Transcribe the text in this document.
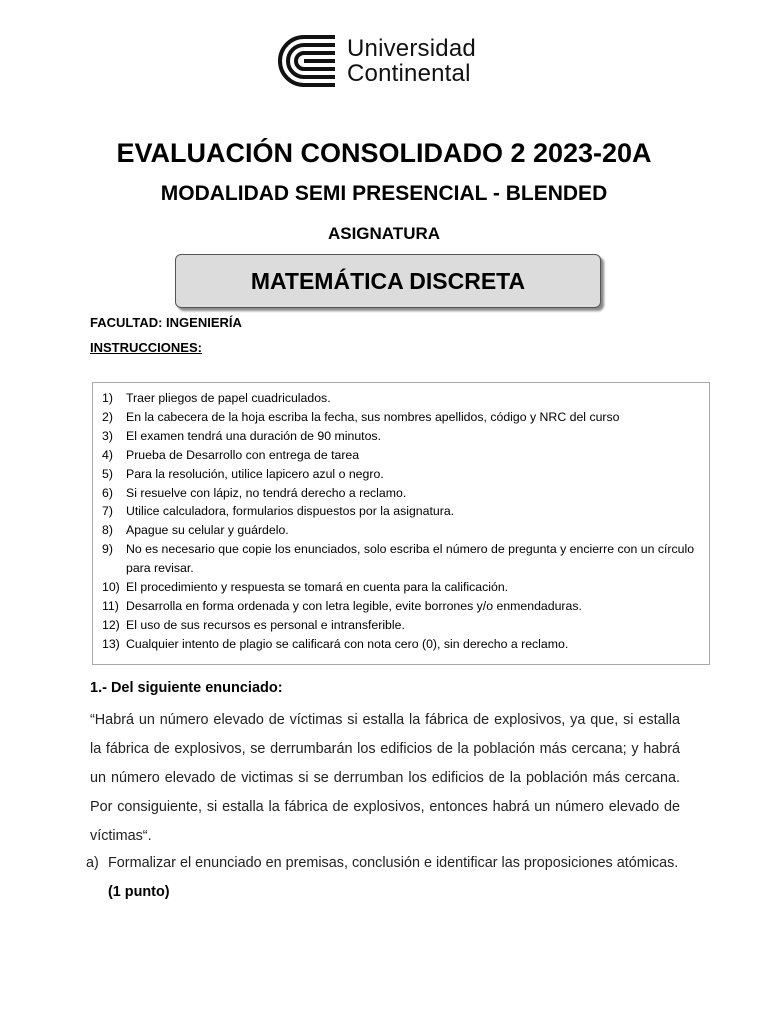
Universidad
Continental
EVALUACIÓN CONSOLIDADO 2 2023-20A
MODALIDAD SEMI PRESENCIAL - BLENDED
ASIGNATURA
MATEMÁTICA DISCRETA
FACULTAD: INGENIERÍA
INSTRUCCIONES:
1)	Traer pliegos de papel cuadriculados.
2)	En la cabecera de la hoja escriba la fecha, sus nombres apellidos, código y NRC del curso
3)	El examen tendrá una duración de 90 minutos.
4)	Prueba de Desarrollo con entrega de tarea
5)	Para la resolución, utilice lapicero azul o negro.
6)	Si resuelve con lápiz, no tendrá derecho a reclamo.
7)	Utilice calculadora, formularios dispuestos por la asignatura.
8)	Apague su celular y guárdelo.
9)	No es necesario que copie los enunciados, solo escriba el número de pregunta y encierre con un círculo para revisar.
10) El procedimiento y respuesta se tomará en cuenta para la calificación.
11) Desarrolla en forma ordenada y con letra legible, evite borrones y/o enmendaduras.
12) El uso de sus recursos es personal e intransferible.
13) Cualquier intento de plagio se calificará con nota cero (0), sin derecho a reclamo.
1.- Del siguiente enunciado:

“Habrá un número elevado de víctimas si estalla la fábrica de explosivos, ya que, si estalla la fábrica de explosivos, se derrumbarán los edificios de la población más cercana; y habrá un número elevado de victimas si se derrumban los edificios de la población más cercana. Por consiguiente, si estalla la fábrica de explosivos, entonces habrá un número elevado de víctimas“.

a) Formalizar el enunciado en premisas, conclusión e identificar las proposiciones atómicas. (1 punto)
